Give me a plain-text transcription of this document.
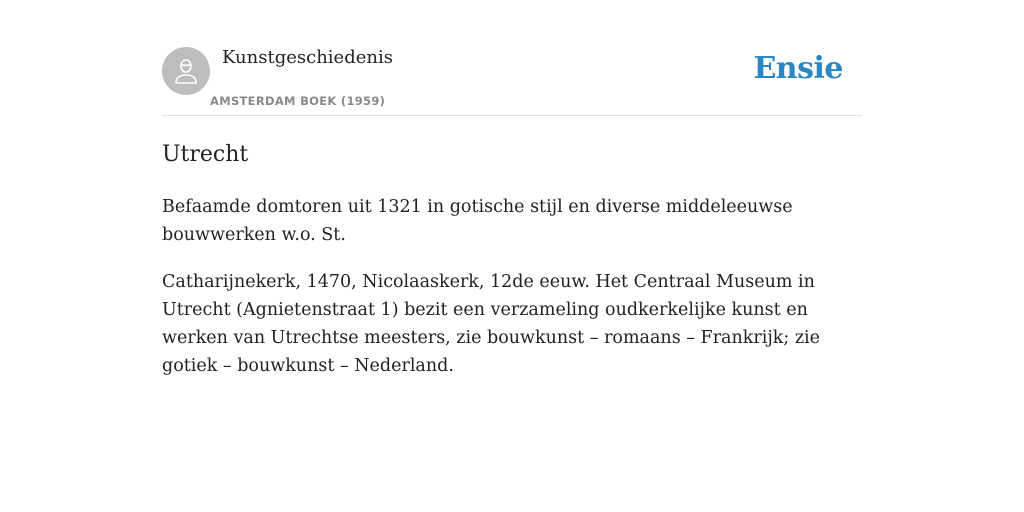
Kunstgeschiedenis
AMSTERDAM BOEK (1959)
Ensie
Utrecht

Befaamde domtoren uit 1321 in gotische stijl en diverse middeleeuwse bouwwerken w.o. St.

Catharijnekerk, 1470, Nicolaaskerk, 12de eeuw. Het Centraal Museum in Utrecht (Agnietenstraat 1) bezit een verzameling oudkerkelijke kunst en werken van Utrechtse meesters, zie bouwkunst – romaans – Frankrijk; zie gotiek – bouwkunst – Nederland.
